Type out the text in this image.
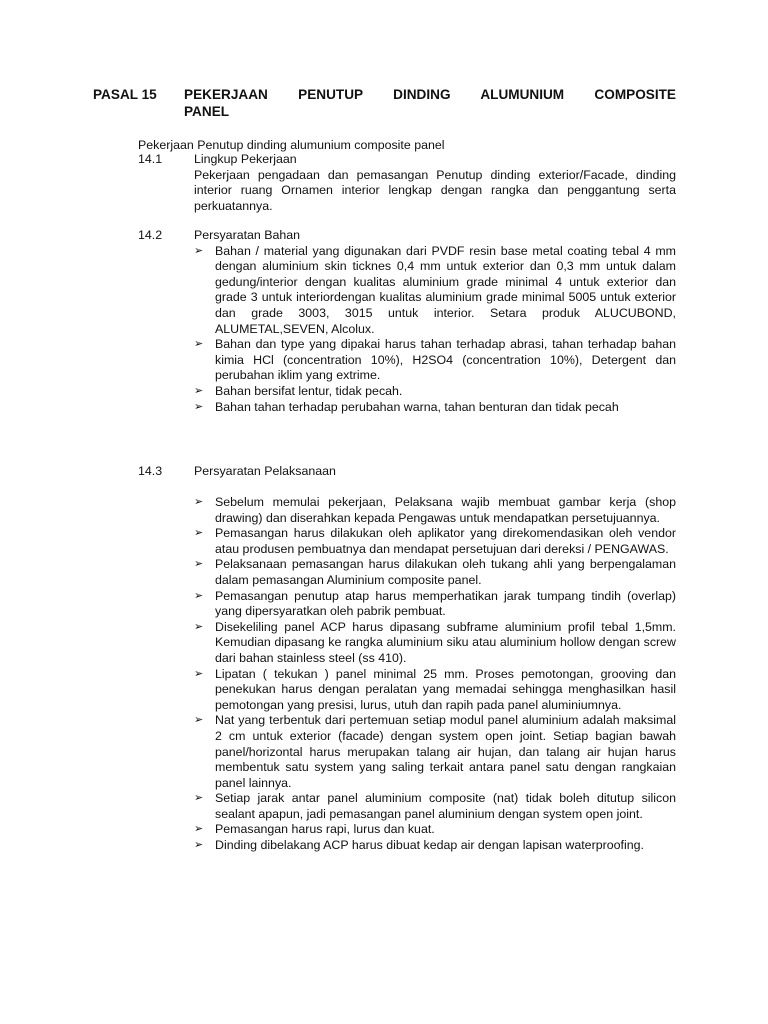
PASAL 15 PEKERJAAN PENUTUP DINDING ALUMUNIUM COMPOSITE
PANEL
Pekerjaan Penutup dinding alumunium composite panel
14.1	Lingkup Pekerjaan
Pekerjaan pengadaan dan pemasangan Penutup dinding exterior/Facade, dinding interior ruang Ornamen interior lengkap dengan rangka dan penggantung serta perkuatannya.
14.2	Persyaratan Bahan
➢ Bahan / material yang digunakan dari PVDF resin base metal coating tebal 4 mm dengan aluminium skin ticknes 0,4 mm untuk exterior dan 0,3 mm untuk dalam gedung/interior dengan kualitas aluminium grade minimal 4 untuk exterior dan grade 3 untuk interiordengan kualitas aluminium grade minimal 5005 untuk exterior dan grade 3003, 3015 untuk interior. Setara produk ALUCUBOND, ALUMETAL,SEVEN, Alcolux.
➢ Bahan dan type yang dipakai harus tahan terhadap abrasi, tahan terhadap bahan kimia HCl (concentration 10%), H2SO4 (concentration 10%), Detergent dan perubahan iklim yang extrime.
➢ Bahan bersifat lentur, tidak pecah.
➢ Bahan tahan terhadap perubahan warna, tahan benturan dan tidak pecah
14.3	Persyaratan Pelaksanaan
➢ Sebelum memulai pekerjaan, Pelaksana wajib membuat gambar kerja (shop drawing) dan diserahkan kepada Pengawas untuk mendapatkan persetujuannya.
➢ Pemasangan harus dilakukan oleh aplikator yang direkomendasikan oleh vendor atau produsen pembuatnya dan mendapat persetujuan dari dereksi / PENGAWAS.
➢ Pelaksanaan pemasangan harus dilakukan oleh tukang ahli yang berpengalaman dalam pemasangan Aluminium composite panel.
➢ Pemasangan penutup atap harus memperhatikan jarak tumpang tindih (overlap) yang dipersyaratkan oleh pabrik pembuat.
➢ Disekeliling panel ACP harus dipasang subframe aluminium profil tebal 1,5mm. Kemudian dipasang ke rangka aluminium siku atau aluminium hollow dengan screw dari bahan stainless steel (ss 410).
➢ Lipatan ( tekukan ) panel minimal 25 mm. Proses pemotongan, grooving dan penekukan harus dengan peralatan yang memadai sehingga menghasilkan hasil pemotongan yang presisi, lurus, utuh dan rapih pada panel aluminiumnya.
➢ Nat yang terbentuk dari pertemuan setiap modul panel aluminium adalah maksimal 2 cm untuk exterior (facade) dengan system open joint. Setiap bagian bawah panel/horizontal harus merupakan talang air hujan, dan talang air hujan harus membentuk satu system yang saling terkait antara panel satu dengan rangkaian panel lainnya.
➢ Setiap jarak antar panel aluminium composite (nat) tidak boleh ditutup silicon sealant apapun, jadi pemasangan panel aluminium dengan system open joint.
➢ Pemasangan harus rapi, lurus dan kuat.
➢ Dinding dibelakang ACP harus dibuat kedap air dengan lapisan waterproofing.
